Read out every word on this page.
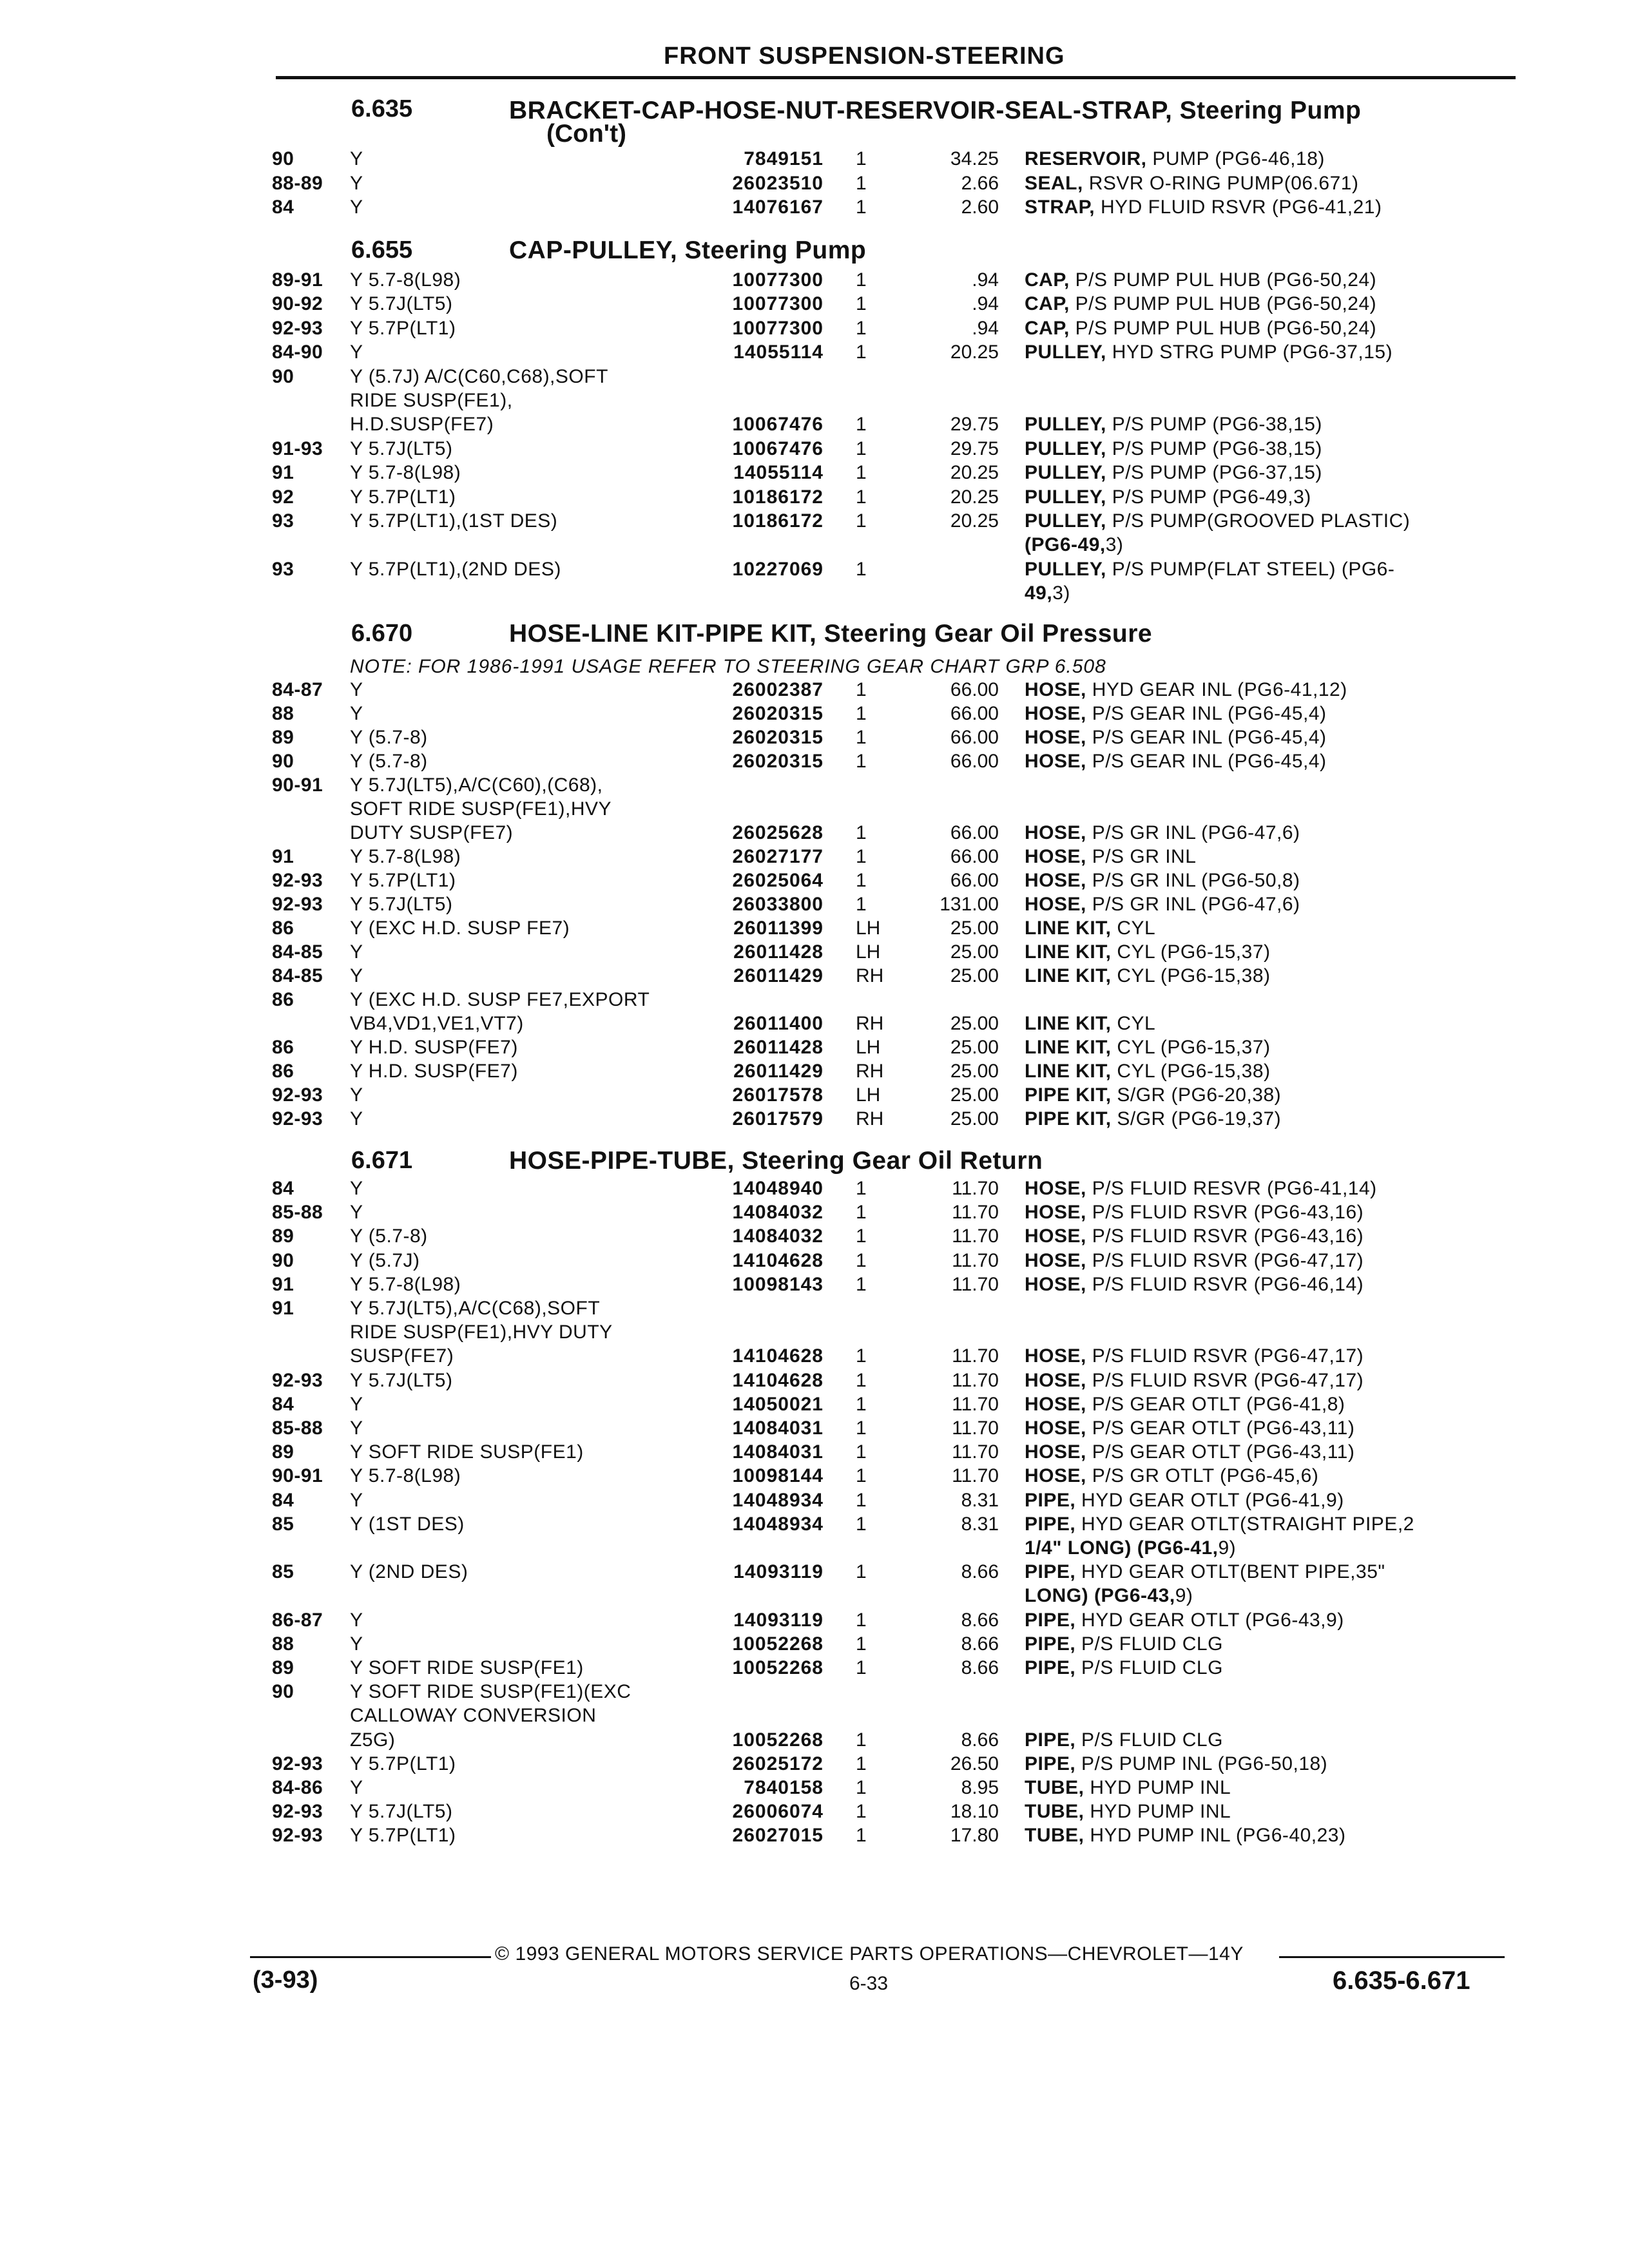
FRONT SUSPENSION-STEERING
6.635	BRACKET-CAP-HOSE-NUT-RESERVOIR-SEAL-STRAP, Steering Pump
(Con't)
6.655	CAP-PULLEY, Steering Pump
6.670	HOSE-LINE KIT-PIPE KIT, Steering Gear Oil Pressure
NOTE: FOR 1986-1991 USAGE REFER TO STEERING GEAR CHART GRP 6.508
6.671	HOSE-PIPE-TUBE, Steering Gear Oil Return
90	Y	7849151 1	34.25 RESERVOIR, PUMP (PG6-46,18)
88-89 Y	26023510 1	2.66 SEAL, RSVR O-RING PUMP(06.671)
84	Y	14076167 1	2.60 STRAP, HYD FLUID RSVR (PG6-41,21)
89-91 Y 5.7-8(L98)	10077300 1	.94 CAP, P/S PUMP PUL HUB (PG6-50,24)
90-92 Y 5.7J(LT5)	10077300 1	.94 CAP, P/S PUMP PUL HUB (PG6-50,24)
92-93 Y 5.7P(LT1)	10077300 1	.94 CAP, P/S PUMP PUL HUB (PG6-50,24)
84-90 Y	14055114 1	20.25 PULLEY, HYD STRG PUMP (PG6-37,15)
90	Y (5.7J) A/C(C60,C68),SOFT
RIDE SUSP(FE1),
H.D.SUSP(FE7)	10067476 1	29.75 PULLEY, P/S PUMP (PG6-38,15)
91-93 Y 5.7J(LT5)	10067476 1	29.75 PULLEY, P/S PUMP (PG6-38,15)
91	Y 5.7-8(L98)	14055114 1	20.25 PULLEY, P/S PUMP (PG6-37,15)
92	Y 5.7P(LT1)	10186172 1	20.25 PULLEY, P/S PUMP (PG6-49,3)
93	Y 5.7P(LT1),(1ST DES)	10186172 1	20.25 PULLEY, P/S PUMP(GROOVED PLASTIC)
(PG6-49,3)
93	Y 5.7P(LT1),(2ND DES)	10227069 1	PULLEY, P/S PUMP(FLAT STEEL) (PG6-
49,3)
84-87 Y	26002387 1	66.00 HOSE, HYD GEAR INL (PG6-41,12)
88	Y	26020315 1	66.00 HOSE, P/S GEAR INL (PG6-45,4)
89	Y (5.7-8)	26020315 1	66.00 HOSE, P/S GEAR INL (PG6-45,4)
90	Y (5.7-8)	26020315 1	66.00 HOSE, P/S GEAR INL (PG6-45,4)
90-91 Y 5.7J(LT5),A/C(C60),(C68),
SOFT RIDE SUSP(FE1),HVY
DUTY SUSP(FE7)	26025628 1	66.00 HOSE, P/S GR INL (PG6-47,6)
91	Y 5.7-8(L98)	26027177 1	66.00 HOSE, P/S GR INL
92-93 Y 5.7P(LT1)	26025064 1	66.00 HOSE, P/S GR INL (PG6-50,8)
92-93 Y 5.7J(LT5)	26033800 1	131.00 HOSE, P/S GR INL (PG6-47,6)
86	Y (EXC H.D. SUSP FE7)	26011399 LH	25.00 LINE KIT, CYL
84-85 Y	26011428 LH	25.00 LINE KIT, CYL (PG6-15,37)
84-85 Y	26011429 RH	25.00 LINE KIT, CYL (PG6-15,38)
86	Y (EXC H.D. SUSP FE7,EXPORT
VB4,VD1,VE1,VT7)	26011400 RH	25.00 LINE KIT, CYL
86	Y H.D. SUSP(FE7)	26011428 LH	25.00 LINE KIT, CYL (PG6-15,37)
86	Y H.D. SUSP(FE7)	26011429 RH	25.00 LINE KIT, CYL (PG6-15,38)
92-93 Y	26017578 LH	25.00 PIPE KIT, S/GR (PG6-20,38)
92-93 Y	26017579 RH	25.00 PIPE KIT, S/GR (PG6-19,37)
84	Y	14048940 1	11.70 HOSE, P/S FLUID RESVR (PG6-41,14)
85-88 Y	14084032 1	11.70 HOSE, P/S FLUID RSVR (PG6-43,16)
89	Y (5.7-8)	14084032 1	11.70 HOSE, P/S FLUID RSVR (PG6-43,16)
90	Y (5.7J)	14104628 1	11.70 HOSE, P/S FLUID RSVR (PG6-47,17)
91	Y 5.7-8(L98)	10098143 1	11.70 HOSE, P/S FLUID RSVR (PG6-46,14)
91	Y 5.7J(LT5),A/C(C68),SOFT
RIDE SUSP(FE1),HVY DUTY
SUSP(FE7)	14104628 1	11.70 HOSE, P/S FLUID RSVR (PG6-47,17)
92-93 Y 5.7J(LT5)	14104628 1	11.70 HOSE, P/S FLUID RSVR (PG6-47,17)
84	Y	14050021 1	11.70 HOSE, P/S GEAR OTLT (PG6-41,8)
85-88 Y	14084031 1	11.70 HOSE, P/S GEAR OTLT (PG6-43,11)
89	Y SOFT RIDE SUSP(FE1)	14084031 1	11.70 HOSE, P/S GEAR OTLT (PG6-43,11)
90-91 Y 5.7-8(L98)	10098144 1	11.70 HOSE, P/S GR OTLT (PG6-45,6)
84	Y	14048934 1	8.31 PIPE, HYD GEAR OTLT (PG6-41,9)
85	Y (1ST DES)	14048934 1	8.31 PIPE, HYD GEAR OTLT(STRAIGHT PIPE,2
1/4" LONG) (PG6-41,9)
85	Y (2ND DES)	14093119 1	8.66 PIPE, HYD GEAR OTLT(BENT PIPE,35"
LONG) (PG6-43,9)
86-87 Y	14093119 1	8.66 PIPE, HYD GEAR OTLT (PG6-43,9)
88	Y	10052268 1	8.66 PIPE, P/S FLUID CLG
89	Y SOFT RIDE SUSP(FE1)	10052268 1	8.66 PIPE, P/S FLUID CLG
90	Y SOFT RIDE SUSP(FE1)(EXC
CALLOWAY CONVERSION
Z5G)	10052268 1	8.66 PIPE, P/S FLUID CLG
92-93 Y 5.7P(LT1)	26025172 1	26.50 PIPE, P/S PUMP INL (PG6-50,18)
84-86 Y	7840158 1	8.95 TUBE, HYD PUMP INL
92-93 Y 5.7J(LT5)	26006074 1	18.10 TUBE, HYD PUMP INL
92-93 Y 5.7P(LT1)	26027015 1	17.80 TUBE, HYD PUMP INL (PG6-40,23)
© 1993 GENERAL MOTORS SERVICE PARTS OPERATIONS—CHEVROLET—14Y
(3-93)	6-33	6.635-6.671
